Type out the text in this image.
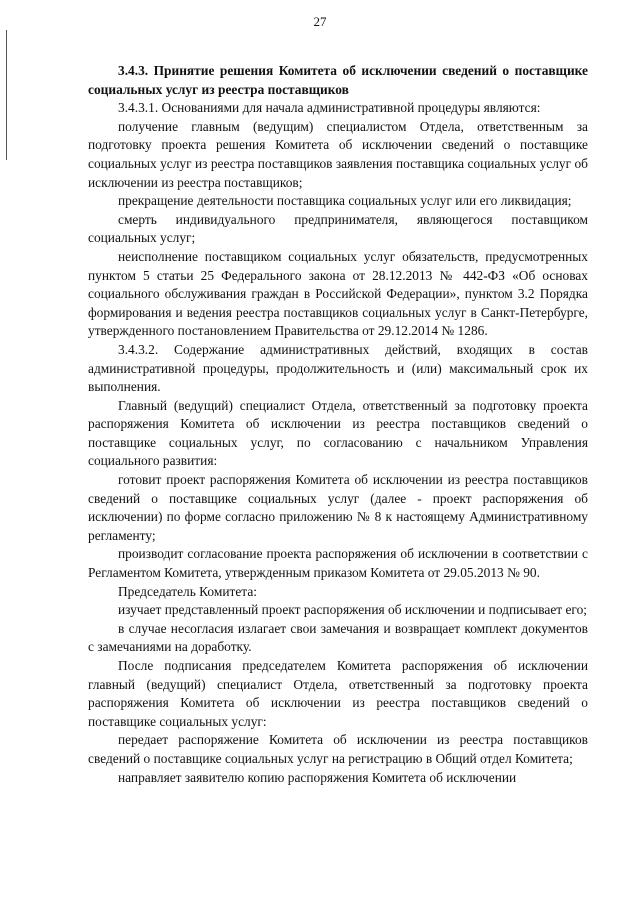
27

3.4.3. Принятие решения Комитета об исключении сведений о поставщике социальных услуг из реестра поставщиков

3.4.3.1. Основаниями для начала административной процедуры являются:

получение главным (ведущим) специалистом Отдела, ответственным за подготовку проекта решения Комитета об исключении сведений о поставщике социальных услуг из реестра поставщиков заявления поставщика социальных услуг об исключении из реестра поставщиков;

прекращение деятельности поставщика социальных услуг или его ликвидация;

смерть индивидуального предпринимателя, являющегося поставщиком социальных услуг;

неисполнение поставщиком социальных услуг обязательств, предусмотренных пунктом 5 статьи 25 Федерального закона от 28.12.2013 № 442-ФЗ «Об основах социального обслуживания граждан в Российской Федерации», пунктом 3.2 Порядка формирования и ведения реестра поставщиков социальных услуг в Санкт-Петербурге, утвержденного постановлением Правительства от 29.12.2014 № 1286.

3.4.3.2. Содержание административных действий, входящих в состав административной процедуры, продолжительность и (или) максимальный срок их выполнения.

Главный (ведущий) специалист Отдела, ответственный за подготовку проекта распоряжения Комитета об исключении из реестра поставщиков сведений о поставщике социальных услуг, по согласованию с начальником Управления социального развития:

готовит проект распоряжения Комитета об исключении из реестра поставщиков сведений о поставщике социальных услуг (далее - проект распоряжения об исключении) по форме согласно приложению № 8 к настоящему Административному регламенту;

производит согласование проекта распоряжения об исключении в соответствии с Регламентом Комитета, утвержденным приказом Комитета от 29.05.2013 № 90.

Председатель Комитета:

изучает представленный проект распоряжения об исключении и подписывает его;

в случае несогласия излагает свои замечания и возвращает комплект документов с замечаниями на доработку.

После подписания председателем Комитета распоряжения об исключении главный (ведущий) специалист Отдела, ответственный за подготовку проекта распоряжения Комитета об исключении из реестра поставщиков сведений о поставщике социальных услуг:

передает распоряжение Комитета об исключении из реестра поставщиков сведений о поставщике социальных услуг на регистрацию в Общий отдел Комитета;

направляет заявителю копию распоряжения Комитета об исключении
